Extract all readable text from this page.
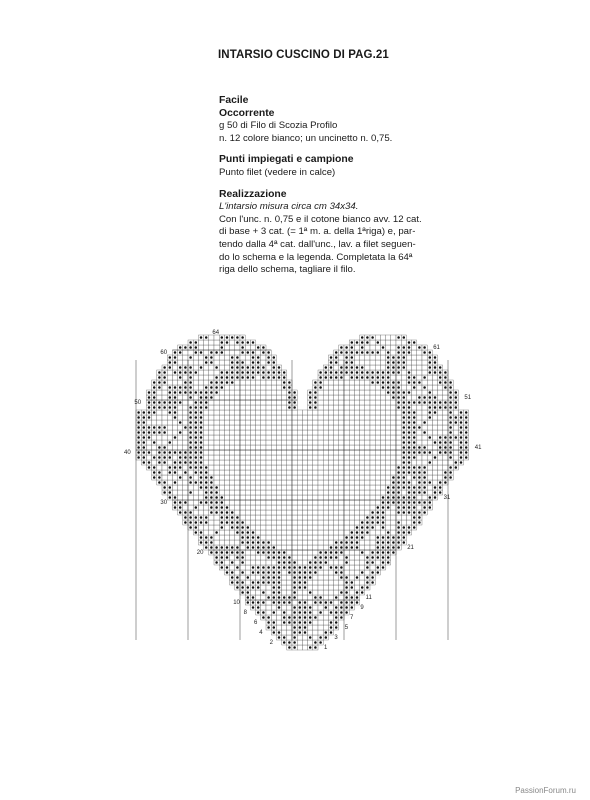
INTARSIO CUSCINO DI PAG.21
Facile
Occorrente
g 50 di Filo di Scozia Profilo
n. 12 colore bianco; un uncinetto n. 0,75.
Punti impiegati e campione
Punto filet (vedere in calce)
Realizzazione
L'intarsio misura circa cm 34x34.
Con l'unc. n. 0,75 e il cotone bianco avv. 12 cat.
di base + 3 cat. (= 1ª m. a. della 1ªriga) e, par-
tendo dalla 4ª cat. dall'unc., lav. a filet seguen-
do lo schema e la legenda. Completata la 64ª
riga dello schema, tagliare il filo.
1
2
3
4
5
6
7
8
9
10
11
20
21
30
31
40
41
50
51
60
61
64
PassionForum.ru
